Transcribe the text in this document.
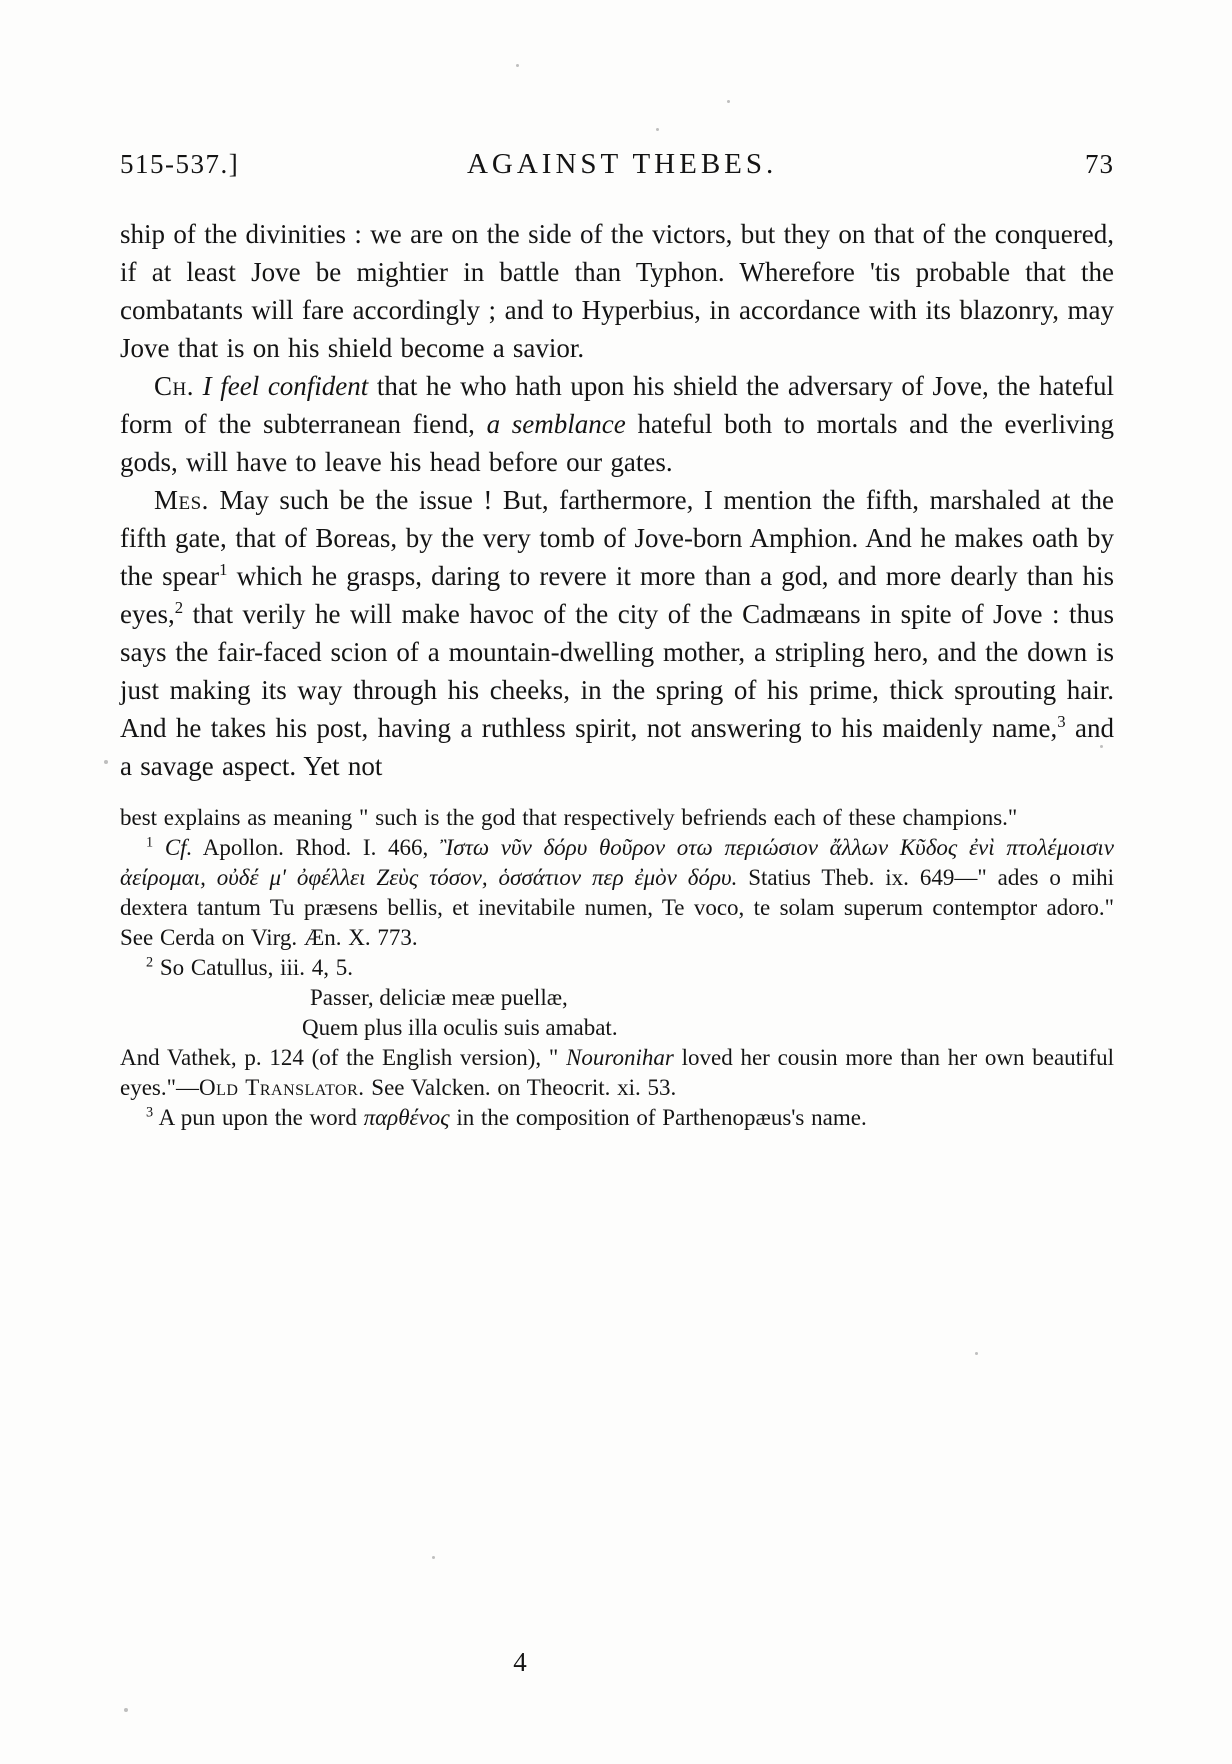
515-537.]	AGAINST THEBES.	73

ship of the divinities : we are on the side of the victors, but they on that of the conquered, if at least Jove be mightier in battle than Typhon. Wherefore 'tis probable that the combatants will fare accordingly ; and to Hyperbius, in accordance with its blazonry, may Jove that is on his shield become a savior.

Ch. I feel confident that he who hath upon his shield the adversary of Jove, the hateful form of the subterranean fiend, a semblance hateful both to mortals and the everliving gods, will have to leave his head before our gates.

Mes. May such be the issue ! But, farthermore, I mention the fifth, marshaled at the fifth gate, that of Boreas, by the very tomb of Jove-born Amphion. And he makes oath by the spear$^1$ which he grasps, daring to revere it more than a god, and more dearly than his eyes,$^2$ that verily he will make havoc of the city of the Cadmæans in spite of Jove : thus says the fair-faced scion of a mountain-dwelling mother, a stripling hero, and the down is just making its way through his cheeks, in the spring of his prime, thick sprouting hair. And he takes his post, having a ruthless spirit, not answering to his maidenly name,$^3$ and a savage aspect. Yet not

best explains as meaning " such is the god that respectively befriends each of these champions."

$^1$ Cf. Apollon. Rhod. I. 466, Ἲστω νῦν δόρυ θοῦρον οτω περιώσιον ἄλλων Κῦδος ἐνὶ πτολέμοισιν ἀείρομαι, οὐδέ μ' ὀφέλλει Ζεὺς τόσον, ὁσσάτιον περ ἐμὸν δόρυ. Statius Theb. ix. 649—" ades o mihi dextera tantum Tu præsens bellis, et inevitabile numen, Te voco, te solam superum contemptor adoro." See Cerda on Virg. Æn. X. 773.

$^2$ So Catullus, iii. 4, 5.

Passer, deliciæ meæ puellæ,
Quem plus illa oculis suis amabat.

And Vathek, p. 124 (of the English version), " Nouronihar loved her cousin more than her own beautiful eyes."—Old Translator. See Valcken. on Theocrit. xi. 53.

$^3$ A pun upon the word παρθένος in the composition of Parthenopæus's name.

4
